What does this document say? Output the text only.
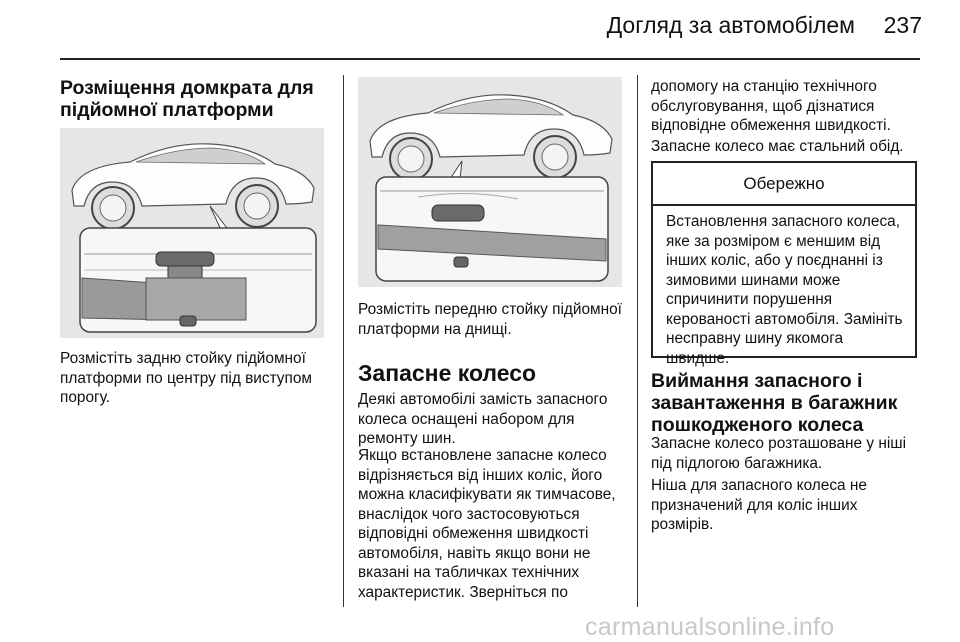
Догляд за автомобілем 237
Розміщення домкрата для підйомної платформи

Розмістіть задню стойку підйомної платформи по центру під виступом порогу.

Розмістіть передню стойку підйомної платформи на днищі.

Запасне колесо

Деякі автомобілі замість запасного колеса оснащені набором для ремонту шин.

Якщо встановлене запасне колесо відрізняється від інших коліс, його можна класифікувати як тимчасове, внаслідок чого застосовуються відповідні обмеження швидкості автомобіля, навіть якщо вони не вказані на табличках технічних характеристик. Зверніться по

допомогу на станцію технічного обслуговування, щоб дізнатися відповідне обмеження швидкості.

Запасне колесо має стальний обід.

Обережно
Встановлення запасного колеса, яке за розміром є меншим від інших коліс, або у поєднанні із зимовими шинами може спричинити порушення керованості автомобіля. Замініть несправну шину якомога швидше.
Виймання запасного і завантаження в багажник пошкодженого колеса

Запасне колесо розташоване у ніші під підлогою багажника.

Ніша для запасного колеса не призначений для коліс інших розмірів.

carmanualsonline.info
